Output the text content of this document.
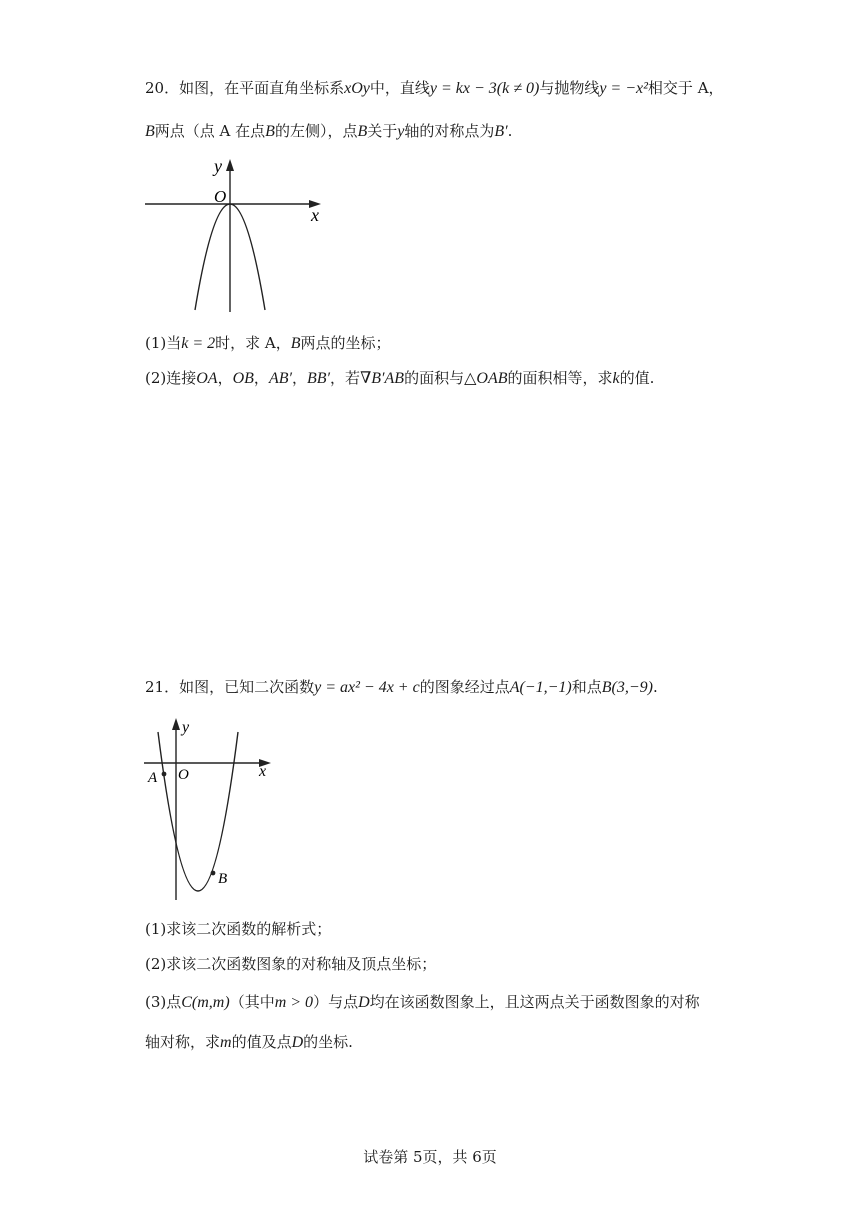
20．如图，在平面直角坐标系xOy中，直线y = kx − 3(k ≠ 0)与抛物线y = −x²相交于 A，
B两点（点 A 在点B的左侧），点B关于y轴的对称点为B′.
y
O
x
(1)当k = 2时，求 A，B两点的坐标；
(2)连接OA，OB，AB′，BB′，若∇B′AB的面积与△OAB的面积相等，求k的值.
21．如图，已知二次函数y = ax² − 4x + c的图象经过点A(−1,−1)和点B(3,−9).
y
O	x
A
B
(1)求该二次函数的解析式；
(2)求该二次函数图象的对称轴及顶点坐标；
(3)点C(m,m)（其中m > 0）与点D均在该函数图象上，且这两点关于函数图象的对称
轴对称，求m的值及点D的坐标.
试卷第 5页，共 6页
